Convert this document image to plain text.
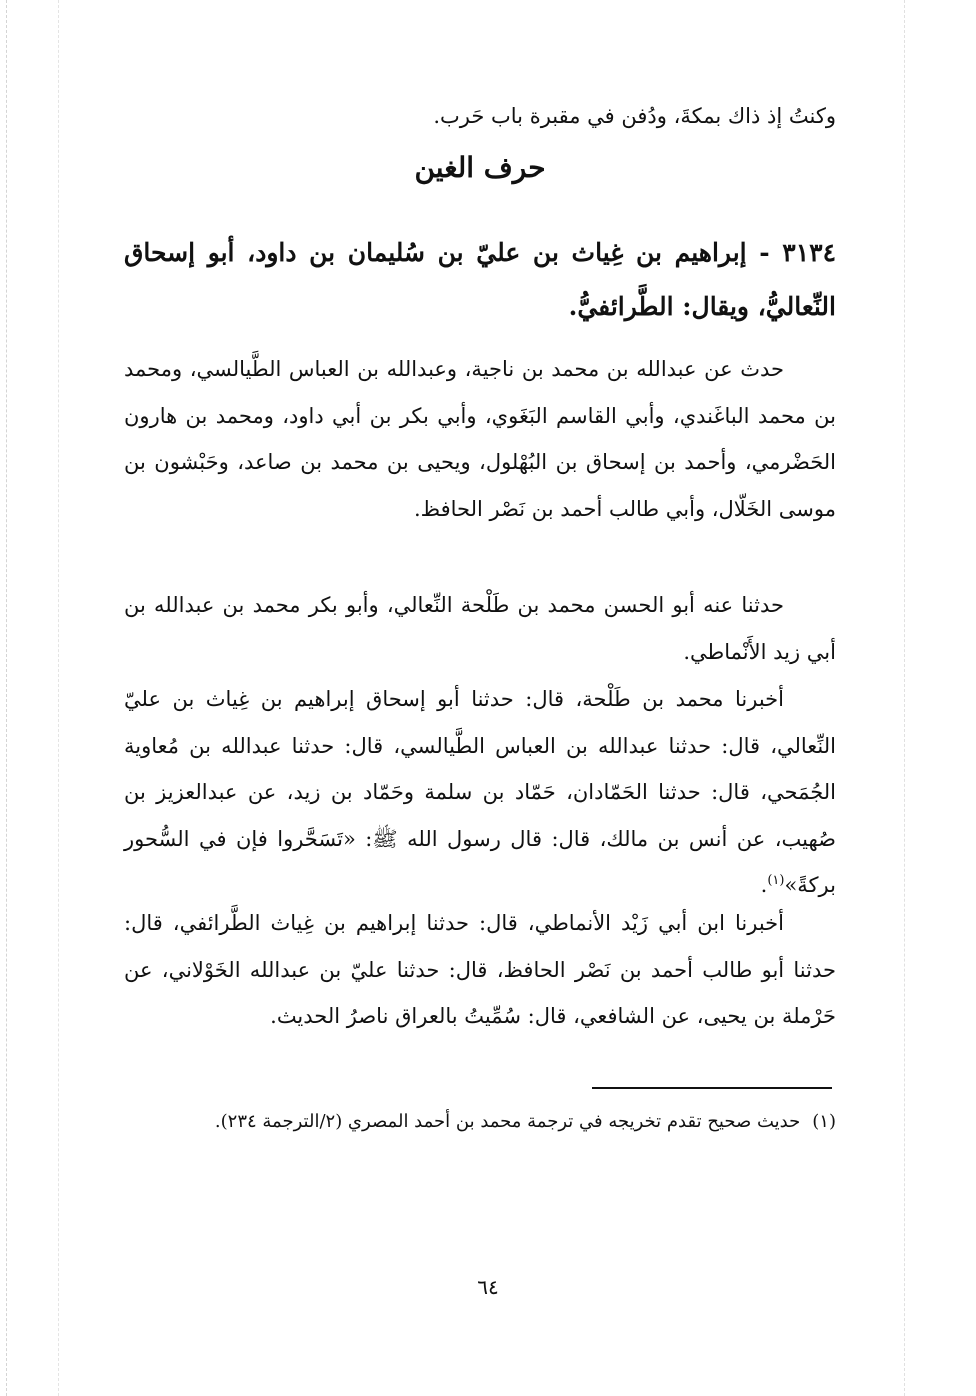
وكنتُ إذ ذاك بمكةَ، ودُفن في مقبرة باب حَرب.
حرف الغين
٣١٣٤ - إبراهيم بن غِياث بن عليّ بن سُليمان بن داود، أبو إسحاق النِّعاليُّ، ويقال: الطَّرائفيُّ.
حدث عن عبدالله بن محمد بن ناجية، وعبدالله بن العباس الطَّيالسي، ومحمد بن محمد الباغَندي، وأبي القاسم البَغَوي، وأبي بكر بن أبي داود، ومحمد بن هارون الحَضْرمي، وأحمد بن إسحاق بن البُهْلول، ويحيى بن محمد بن صاعد، وحَبْشون بن موسى الخَلّال، وأبي طالب أحمد بن نَصْر الحافظ.
حدثنا عنه أبو الحسن محمد بن طَلْحة النِّعالي، وأبو بكر محمد بن عبدالله بن أبي زيد الأَنْماطي.
أخبرنا محمد بن طَلْحة، قال: حدثنا أبو إسحاق إبراهيم بن غِياث بن عليّ النِّعالي، قال: حدثنا عبدالله بن العباس الطَّيالسي، قال: حدثنا عبدالله بن مُعاوية الجُمَحي، قال: حدثنا الحَمّادان، حَمّاد بن سلمة وحَمّاد بن زيد، عن عبدالعزيز بن صُهيب، عن أنس بن مالك، قال: قال رسول الله ﷺ: «تَسَحَّروا فإن في السُّحور بركةً»$^{(١)}$.
أخبرنا ابن أبي زَيْد الأنماطي، قال: حدثنا إبراهيم بن غِياث الطَّرائفي، قال: حدثنا أبو طالب أحمد بن نَصْر الحافظ، قال: حدثنا عليّ بن عبدالله الخَوْلاني، عن حَرْملة بن يحيى، عن الشافعي، قال: سُمِّيتُ بالعراق ناصرُ الحديث.
(١)حديث صحيح تقدم تخريجه في ترجمة محمد بن أحمد المصري (٢/الترجمة ٢٣٤).
٦٤
